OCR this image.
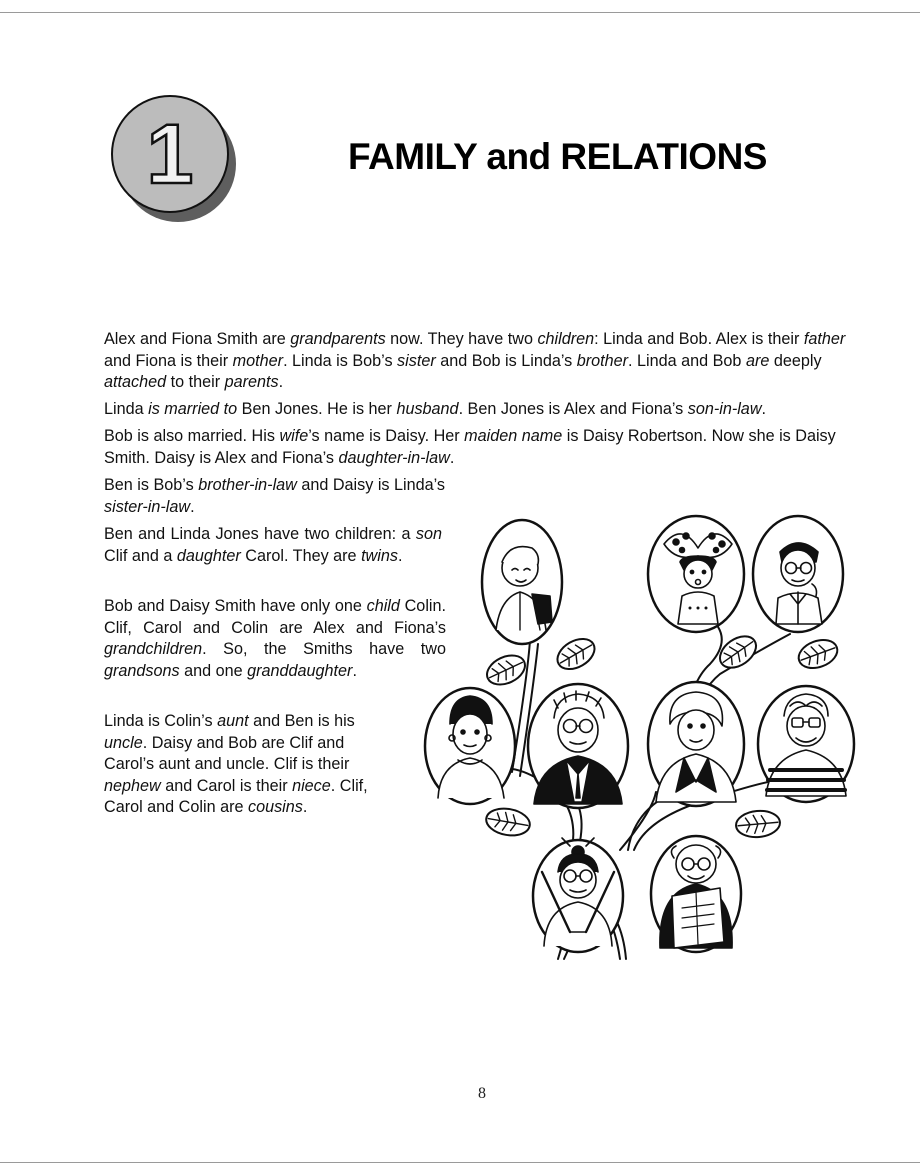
1	FAMILY and RELATIONS

Alex and Fiona Smith are grandparents now. They have two children: Linda and Bob. Alex is their father and Fiona is their mother. Linda is Bob’s sister and Bob is Linda’s brother. Linda and Bob are deeply attached to their parents.

Linda is married to Ben Jones. He is her husband. Ben Jones is Alex and Fiona’s son-in-law.

Bob is also married. His wife’s name is Daisy. Her maiden name is Daisy Robertson. Now she is Daisy Smith. Daisy is Alex and Fiona’s daughter-in-law.

Ben is Bob’s brother-in-law and Daisy is Linda’s sister-in-law.

Ben and Linda Jones have two children: a son Clif and a daughter Carol. They are twins.

Bob and Daisy Smith have only one child Colin. Clif, Carol and Colin are Alex and Fiona’s grandchildren. So, the Smiths have two grandsons and one granddaughter.

Linda is Colin’s aunt and Ben is his uncle. Daisy and Bob are Clif and Carol’s aunt and uncle. Clif is their nephew and Carol is their niece. Clif, Carol and Colin are cousins.

8
